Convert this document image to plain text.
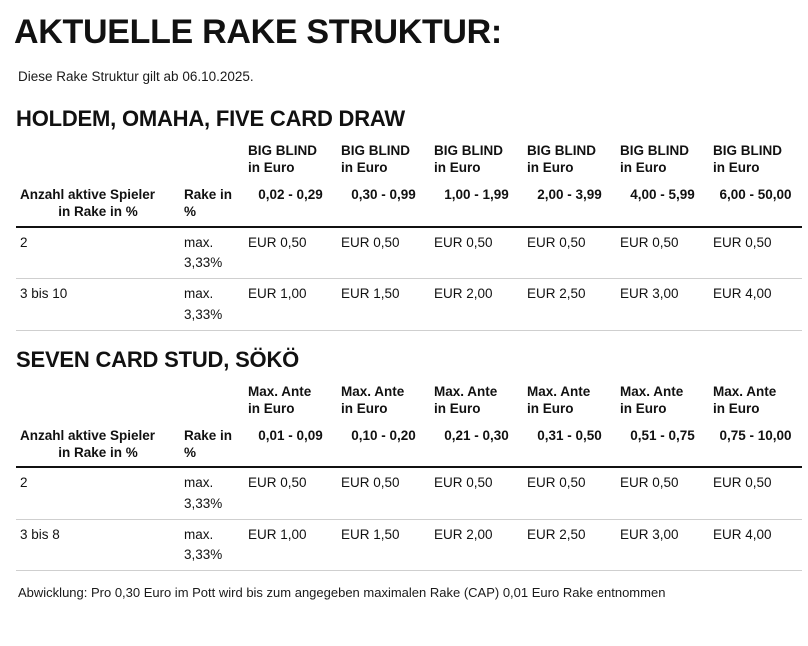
AKTUELLE RAKE STRUKTUR:

Diese Rake Struktur gilt ab 06.10.2025.

HOLDEM, OMAHA, FIVE CARD DRAW
		BIG BLIND
in Euro	BIG BLIND
in Euro	BIG BLIND
in Euro	BIG BLIND
in Euro	BIG BLIND
in Euro	BIG BLIND
in Euro
Anzahl aktive Spieler
in Rake in %	Rake in
%	0,02 - 0,29	0,30 - 0,99	1,00 - 1,99	2,00 - 3,99	4,00 - 5,99	6,00 - 50,00
2	max.
3,33%	EUR 0,50	EUR 0,50	EUR 0,50	EUR 0,50	EUR 0,50	EUR 0,50
3 bis 10	max.
3,33%	EUR 1,00	EUR 1,50	EUR 2,00	EUR 2,50	EUR 3,00	EUR 4,00
SEVEN CARD STUD, SÖKÖ
		Max. Ante
in Euro	Max. Ante
in Euro	Max. Ante
in Euro	Max. Ante
in Euro	Max. Ante
in Euro	Max. Ante
in Euro
Anzahl aktive Spieler
in Rake in %	Rake in
%	0,01 - 0,09	0,10 - 0,20	0,21 - 0,30	0,31 - 0,50	0,51 - 0,75	0,75 - 10,00
2	max.
3,33%	EUR 0,50	EUR 0,50	EUR 0,50	EUR 0,50	EUR 0,50	EUR 0,50
3 bis 8	max.
3,33%	EUR 1,00	EUR 1,50	EUR 2,00	EUR 2,50	EUR 3,00	EUR 4,00

Abwicklung: Pro 0,30 Euro im Pott wird bis zum angegeben maximalen Rake (CAP) 0,01 Euro Rake entnommen
